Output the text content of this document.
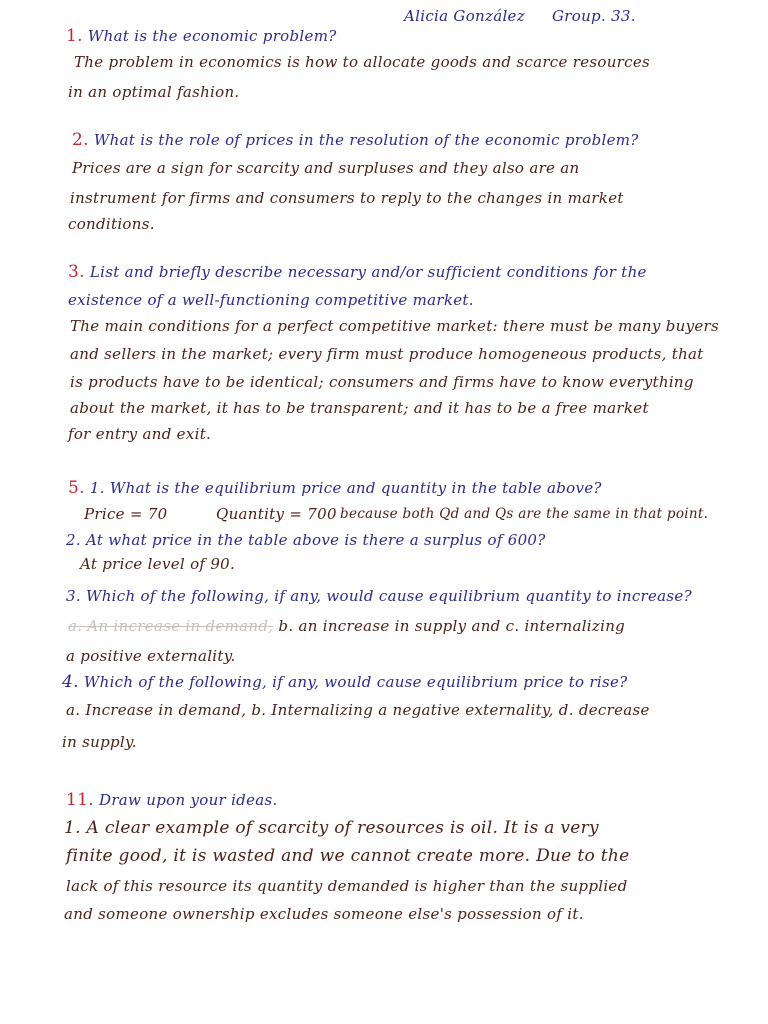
Alicia González Group. 33.
1. What is the economic problem?
The problem in economics is how to allocate goods and scarce resources
in an optimal fashion.
2. What is the role of prices in the resolution of the economic problem?
Prices are a sign for scarcity and surpluses and they also are an
instrument for firms and consumers to reply to the changes in market
conditions.
3. List and briefly describe necessary and/or sufficient conditions for the
existence of a well-functioning competitive market.
The main conditions for a perfect competitive market: there must be many buyers
and sellers in the market; every firm must produce homogeneous products, that
is products have to be identical; consumers and firms have to know everything
about the market, it has to be transparent; and it has to be a free market
for entry and exit.
5. 1. What is the equilibrium price and quantity in the table above?
Price = 70	Quantity = 700 because both Qd and Qs are the same in that point.
2. At what price in the table above is there a surplus of 600?
At price level of 90.
3. Which of the following, if any, would cause equilibrium quantity to increase?
a. An increase in demand, b. an increase in supply and c. internalizing
a positive externality.
4. Which of the following, if any, would cause equilibrium price to rise?
a. Increase in demand, b. Internalizing a negative externality, d. decrease
in supply.
11. Draw upon your ideas.
1. A clear example of scarcity of resources is oil. It is a very
finite good, it is wasted and we cannot create more. Due to the
lack of this resource its quantity demanded is higher than the supplied
and someone ownership excludes someone else's possession of it.
